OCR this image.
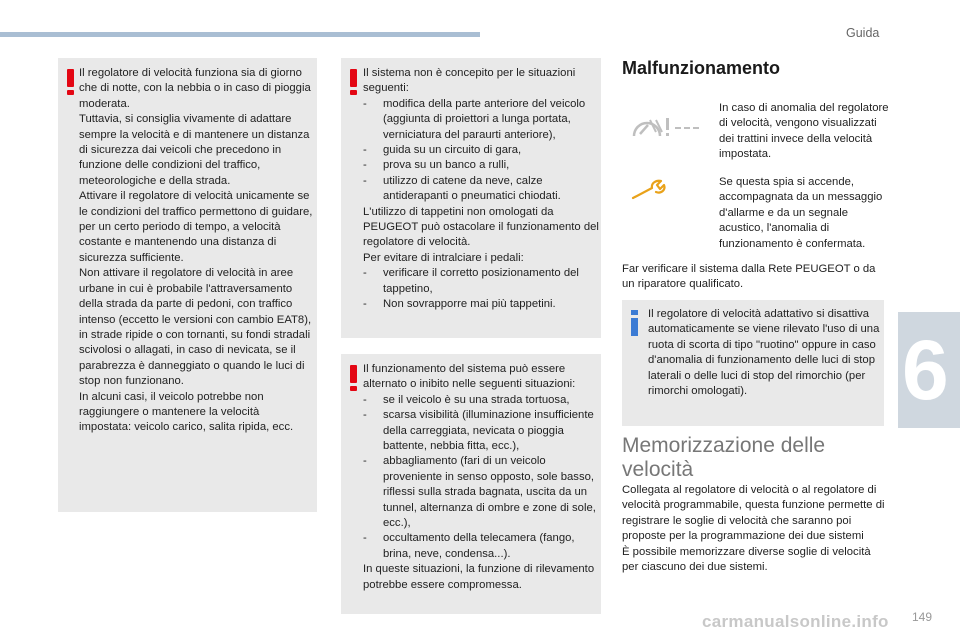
Guida
6

Il regolatore di velocità funziona sia di giorno che di notte, con la nebbia o in caso di pioggia moderata.

Tuttavia, si consiglia vivamente di adattare sempre la velocità e di mantenere un distanza di sicurezza dai veicoli che precedono in funzione delle condizioni del traffico, meteorologiche e della strada.

Attivare il regolatore di velocità unicamente se le condizioni del traffico permettono di guidare, per un certo periodo di tempo, a velocità costante e mantenendo una distanza di sicurezza sufficiente.

Non attivare il regolatore di velocità in aree urbane in cui è probabile l'attraversamento della strada da parte di pedoni, con traffico intenso (eccetto le versioni con cambio EAT8), in strade ripide o con tornanti, su fondi stradali scivolosi o allagati, in caso di nevicata, se il parabrezza è danneggiato o quando le luci di stop non funzionano.

In alcuni casi, il veicolo potrebbe non raggiungere o mantenere la velocità impostata: veicolo carico, salita ripida, ecc.

Il sistema non è concepito per le situazioni seguenti:

- modifica della parte anteriore del veicolo (aggiunta di proiettori a lunga portata, verniciatura del paraurti anteriore),
- guida su un circuito di gara,
- prova su un banco a rulli,
- utilizzo di catene da neve, calze antiderapanti o pneumatici chiodati.

L'utilizzo di tappetini non omologati da PEUGEOT può ostacolare il funzionamento del regolatore di velocità.

Per evitare di intralciare i pedali:

- verificare il corretto posizionamento del tappetino,
- Non sovrapporre mai più tappetini.

Il funzionamento del sistema può essere alternato o inibito nelle seguenti situazioni:

- se il veicolo è su una strada tortuosa,
- scarsa visibilità (illuminazione insufficiente della carreggiata, nevicata o pioggia battente, nebbia fitta, ecc.),
- abbagliamento (fari di un veicolo proveniente in senso opposto, sole basso, riflessi sulla strada bagnata, uscita da un tunnel, alternanza di ombre e zone di sole, ecc.),
- occultamento della telecamera (fango, brina, neve, condensa...).

In queste situazioni, la funzione di rilevamento potrebbe essere compromessa.

Malfunzionamento
In caso di anomalia del regolatore di velocità, vengono visualizzati dei trattini invece della velocità impostata.
Se questa spia si accende, accompagnata da un messaggio d'allarme e da un segnale acustico, l'anomalia di funzionamento è confermata.
Far verificare il sistema dalla Rete PEUGEOT o da un riparatore qualificato.
Il regolatore di velocità adattativo si disattiva automaticamente se viene rilevato l'uso di una ruota di scorta di tipo "ruotino" oppure in caso d'anomalia di funzionamento delle luci di stop laterali o delle luci di stop del rimorchio (per rimorchi omologati).
Memorizzazione delle velocità

Collegata al regolatore di velocità o al regolatore di velocità programmabile, questa funzione permette di registrare le soglie di velocità che saranno poi proposte per la programmazione dei due sistemi

È possibile memorizzare diverse soglie di velocità per ciascuno dei due sistemi.

carmanualsonline.info 149
